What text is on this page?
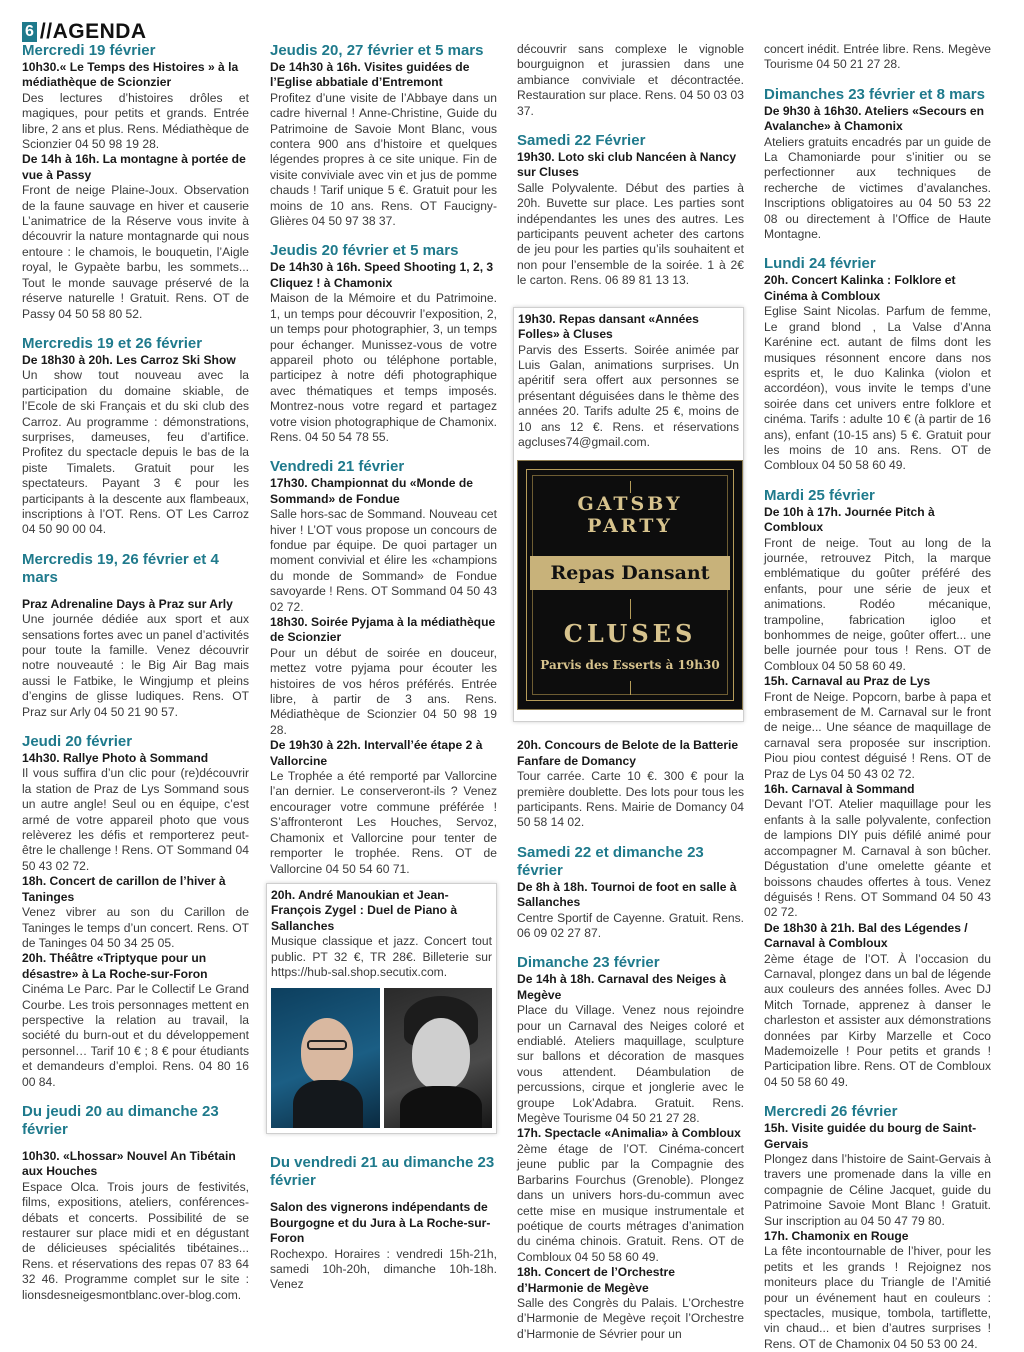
6 //AGENDA
Mercredi 19 février
10h30.« Le Temps des Histoires » à la médiathèque de Scionzier
Des lectures d’histoires drôles et magiques, pour petits et grands. Entrée libre, 2 ans et plus. Rens. Médiathèque de Scionzier 04 50 98 19 28.
De 14h à 16h. La montagne à portée de vue à Passy
Front de neige Plaine-Joux. Observation de la faune sauvage en hiver et causerie L’animatrice de la Réserve vous invite à découvrir la nature montagnarde qui nous entoure : le chamois, le bouquetin, l’Aigle royal, le Gypaète barbu, les sommets... Tout le monde sauvage préservé de la réserve naturelle ! Gratuit. Rens. OT de Passy 04 50 58 80 52.
Mercredis 19 et 26 février
De 18h30 à 20h. Les Carroz Ski Show
Un show tout nouveau avec la participation du domaine skiable, de l’Ecole de ski Français et du ski club des Carroz. Au programme : démonstrations, surprises, dameuses, feu d’artifice. Profitez du spectacle depuis le bas de la piste Timalets. Gratuit pour les spectateurs. Payant 3 € pour les participants à la descente aux flambeaux, inscriptions à l’OT. Rens. OT Les Carroz 04 50 90 00 04.
Mercredis 19, 26 février et 4 mars
Praz Adrenaline Days à Praz sur Arly
Une journée dédiée aux sport et aux sensations fortes avec un panel d’activités pour toute la famille. Venez découvrir notre nouveauté : le Big Air Bag mais aussi le Fatbike, le Wingjump et pleins d’engins de glisse ludiques. Rens. OT Praz sur Arly 04 50 21 90 57.
Jeudi 20 février
14h30. Rallye Photo à Sommand
Il vous suffira d’un clic pour (re)découvrir la station de Praz de Lys Sommand sous un autre angle! Seul ou en équipe, c’est armé de votre appareil photo que vous relèverez les défis et remporterez peut-être le challenge ! Rens. OT Sommand 04 50 43 02 72.
18h. Concert de carillon de l’hiver à Taninges
Venez vibrer au son du Carillon de Taninges le temps d’un concert. Rens. OT de Taninges 04 50 34 25 05.
20h. Théâtre «Triptyque pour un désastre» à La Roche-sur-Foron
Cinéma Le Parc. Par le Collectif Le Grand Courbe. Les trois personnages mettent en perspective la relation au travail, la société du burn-out et du développement personnel… Tarif 10 € ; 8 € pour étudiants et demandeurs d’emploi. Rens. 04 80 16 00 84.
Du jeudi 20 au dimanche 23 février
10h30. «Lhossar» Nouvel An Tibétain aux Houches
Espace Olca. Trois jours de festivités, films, expositions, ateliers, conférences-débats et concerts. Possibilité de se restaurer sur place midi et en dégustant de délicieuses spécialités tibétaines... Rens. et réservations des repas 07 83 64 32 46. Programme complet sur le site : lionsdesneigesmontblanc.over-blog.com.
Jeudis 20, 27 février et 5 mars
De 14h30 à 16h. Visites guidées de l’Eglise abbatiale d’Entremont
Profitez d’une visite de l’Abbaye dans un cadre hivernal ! Anne-Christine, Guide du Patrimoine de Savoie Mont Blanc, vous contera 900 ans d’histoire et quelques légendes propres à ce site unique. Fin de visite conviviale avec vin et jus de pomme chauds ! Tarif unique 5 €. Gratuit pour les moins de 10 ans. Rens. OT Faucigny-Glières 04 50 97 38 37.
Jeudis 20 février et 5 mars
De 14h30 à 16h. Speed Shooting 1, 2, 3 Cliquez ! à Chamonix
Maison de la Mémoire et du Patrimoine. 1, un temps pour découvrir l’exposition, 2, un temps pour photographier, 3, un temps pour échanger. Munissez-vous de votre appareil photo ou téléphone portable, participez à notre défi photographique avec thématiques et temps imposés. Montrez-nous votre regard et partagez votre vision photographique de Chamonix. Rens. 04 50 54 78 55.
Vendredi 21 février
17h30. Championnat du «Monde de Sommand» de Fondue
Salle hors-sac de Sommand. Nouveau cet hiver ! L’OT vous propose un concours de fondue par équipe. De quoi partager un moment convivial et élire les «champions du monde de Sommand» de Fondue savoyarde ! Rens. OT Sommand 04 50 43 02 72.
18h30. Soirée Pyjama à la médiathèque de Scionzier
Pour un début de soirée en douceur, mettez votre pyjama pour écouter les histoires de vos héros préférés. Entrée libre, à partir de 3 ans. Rens. Médiathèque de Scionzier 04 50 98 19 28.
De 19h30 à 22h. Intervall’ée étape 2 à Vallorcine
Le Trophée a été remporté par Vallorcine l’an dernier. Le conserveront-ils ? Venez encourager votre commune préférée ! S’affronteront Les Houches, Servoz, Chamonix et Vallorcine pour tenter de remporter le trophée. Rens. OT de Vallorcine 04 50 54 60 71.
20h. André Manoukian et Jean-François Zygel : Duel de Piano à Sallanches
Musique classique et jazz. Concert tout public. PT 32 €, TR 28€. Billeterie sur https://hub-sal.shop.secutix.com.
Du vendredi 21 au dimanche 23 février
Salon des vignerons indépendants de Bourgogne et du Jura à La Roche-sur-Foron
Rochexpo. Horaires : vendredi 15h-21h, samedi 10h-20h, dimanche 10h-18h. Venez
découvrir sans complexe le vignoble bourguignon et jurassien dans une ambiance conviviale et décontractée. Restauration sur place. Rens. 04 50 03 03 37.
Samedi 22 Février
19h30. Loto ski club Nancéen à Nancy sur Cluses
Salle Polyvalente. Début des parties à 20h. Buvette sur place. Les parties sont indépendantes les unes des autres. Les participants peuvent acheter des cartons de jeu pour les parties qu’ils souhaitent et non pour l’ensemble de la soirée. 1 à 2€ le carton. Rens. 06 89 81 13 13.
19h30. Repas dansant «Années Folles» à Cluses
Parvis des Esserts. Soirée animée par Luis Galan, animations surprises. Un apéritif sera offert aux personnes se présentant déguisées dans le thème des années 20. Tarifs adulte 25 €, moins de 10 ans 12 €. Rens. et réservations agcluses74@gmail.com.
GATSBY
PARTY
Repas Dansant
CLUSES
Parvis des Esserts à 19h30
20h. Concours de Belote de la Batterie Fanfare de Domancy
Tour carrée. Carte 10 €. 300 € pour la première doublette. Des lots pour tous les participants. Rens. Mairie de Domancy 04 50 58 14 02.
Samedi 22 et dimanche 23 février
De 8h à 18h. Tournoi de foot en salle à Sallanches
Centre Sportif de Cayenne. Gratuit. Rens. 06 09 02 27 87.
Dimanche 23 février
De 14h à 18h. Carnaval des Neiges à Megève
Place du Village. Venez nous rejoindre pour un Carnaval des Neiges coloré et endiablé. Ateliers maquillage, sculpture sur ballons et décoration de masques vous attendent. Déambulation de percussions, cirque et jonglerie avec le groupe Lok’Adabra. Gratuit. Rens. Megève Tourisme 04 50 21 27 28.
17h. Spectacle «Animalia» à Combloux
2ème étage de l’OT. Cinéma-concert jeune public par la Compagnie des Barbarins Fourchus (Grenoble). Plongez dans un univers hors-du-commun avec cette mise en musique instrumentale et poétique de courts métrages d’animation du cinéma chinois. Gratuit. Rens. OT de Combloux 04 50 58 60 49.
18h. Concert de l’Orchestre d’Harmonie de Megève
Salle des Congrès du Palais. L’Orchestre d’Harmonie de Megève reçoit l’Orchestre d’Harmonie de Sévrier pour un
concert inédit. Entrée libre. Rens. Megève Tourisme 04 50 21 27 28.
Dimanches 23 février et 8 mars
De 9h30 à 16h30. Ateliers «Secours en Avalanche» à Chamonix
Ateliers gratuits encadrés par un guide de La Chamoniarde pour s’initier ou se perfectionner aux techniques de recherche de victimes d’avalanches. Inscriptions obligatoires au 04 50 53 22 08 ou directement à l’Office de Haute Montagne.
Lundi 24 février
20h. Concert Kalinka : Folklore et Cinéma à Combloux
Eglise Saint Nicolas. Parfum de femme, Le grand blond , La Valse d’Anna Karénine ect. autant de films dont les musiques résonnent encore dans nos esprits et, le duo Kalinka (violon et accordéon), vous invite le temps d’une soirée dans cet univers entre folklore et cinéma. Tarifs : adulte 10 € (à partir de 16 ans), enfant (10-15 ans) 5 €. Gratuit pour les moins de 10 ans. Rens. OT de Combloux 04 50 58 60 49.
Mardi 25 février
De 10h à 17h. Journée Pitch à Combloux
Front de neige. Tout au long de la journée, retrouvez Pitch, la marque emblématique du goûter préféré des enfants, pour une série de jeux et animations. Rodéo mécanique, trampoline, fabrication igloo et bonhommes de neige, goûter offert... une belle journée pour tous ! Rens. OT de Combloux 04 50 58 60 49.
15h. Carnaval au Praz de Lys
Front de Neige. Popcorn, barbe à papa et embrasement de M. Carnaval sur le front de neige... Une séance de maquillage de carnaval sera proposée sur inscription. Piou piou contest déguisé ! Rens. OT de Praz de Lys 04 50 43 02 72.
16h. Carnaval à Sommand
Devant l’OT. Atelier maquillage pour les enfants à la salle polyvalente, confection de lampions DIY puis défilé animé pour accompagner M. Carnaval à son bûcher. Dégustation d’une omelette géante et boissons chaudes offertes à tous. Venez déguisés ! Rens. OT Sommand 04 50 43 02 72.
De 18h30 à 21h. Bal des Légendes / Carnaval à Combloux
2ème étage de l’OT. À l’occasion du Carnaval, plongez dans un bal de légende aux couleurs des années folles. Avec DJ Mitch Tornade, apprenez à danser le charleston et assister aux démonstrations données par Kirby Marzelle et Coco Mademoizelle ! Pour petits et grands ! Participation libre. Rens. OT de Combloux 04 50 58 60 49.
Mercredi 26 février
15h. Visite guidée du bourg de Saint-Gervais
Plongez dans l’histoire de Saint-Gervais à travers une promenade dans la ville en compagnie de Céline Jacquet, guide du Patrimoine Savoie Mont Blanc ! Gratuit. Sur inscription au 04 50 47 79 80.
17h. Chamonix en Rouge
La fête incontournable de l’hiver, pour les petits et les grands ! Rejoignez nos moniteurs place du Triangle de l’Amitié pour un événement haut en couleurs : spectacles, musique, tombola, tartiflette, vin chaud... et bien d’autres surprises ! Rens. OT de Chamonix 04 50 53 00 24.
